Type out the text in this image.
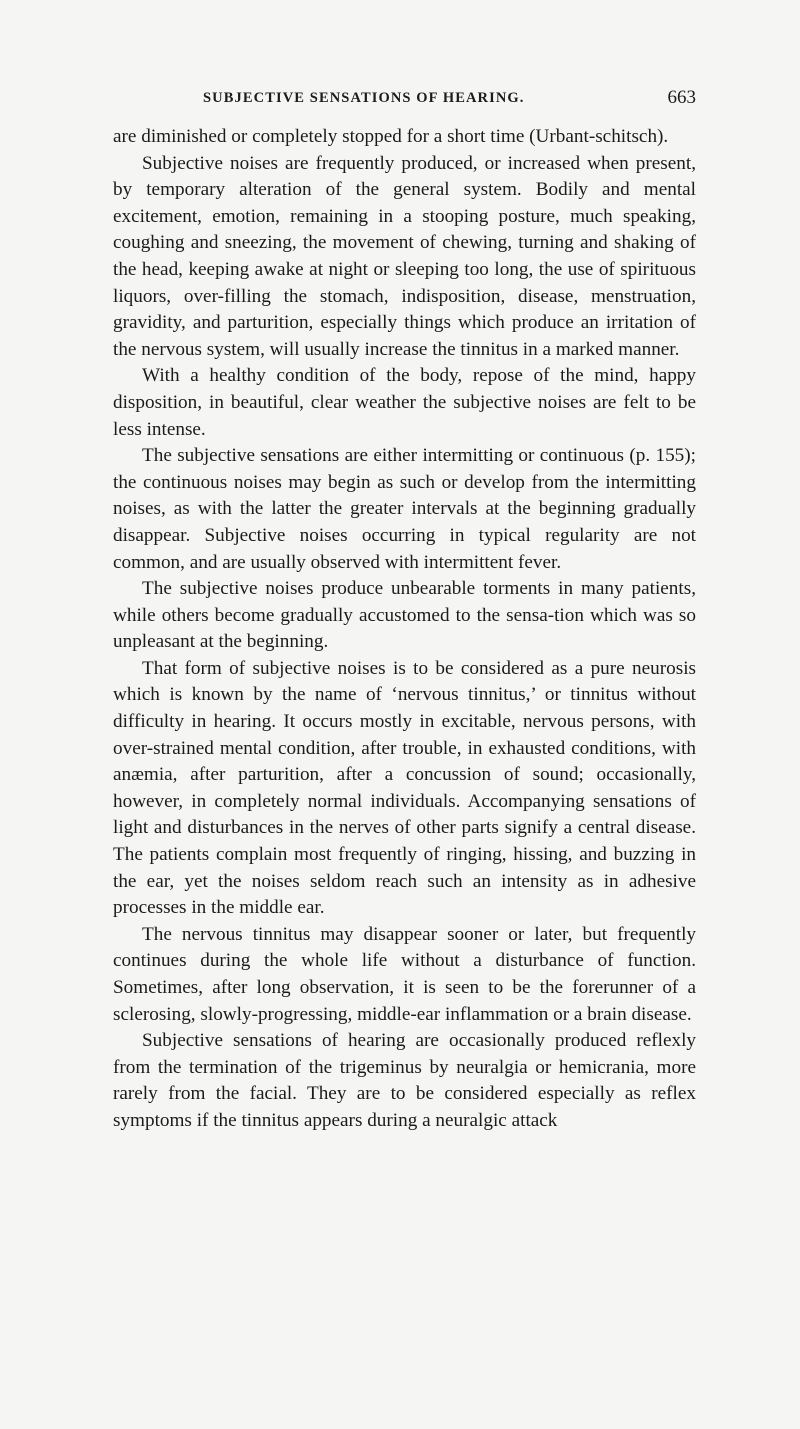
SUBJECTIVE SENSATIONS OF HEARING.	663

are diminished or completely stopped for a short time (Urbant-schitsch).

Subjective noises are frequently produced, or increased when present, by temporary alteration of the general system. Bodily and mental excitement, emotion, remaining in a stooping posture, much speaking, coughing and sneezing, the movement of chewing, turning and shaking of the head, keeping awake at night or sleeping too long, the use of spirituous liquors, over-filling the stomach, indisposition, disease, menstruation, gravidity, and parturition, especially things which produce an irritation of the nervous system, will usually increase the tinnitus in a marked manner.

With a healthy condition of the body, repose of the mind, happy disposition, in beautiful, clear weather the subjective noises are felt to be less intense.

The subjective sensations are either intermitting or continuous (p. 155); the continuous noises may begin as such or develop from the intermitting noises, as with the latter the greater intervals at the beginning gradually disappear. Subjective noises occurring in typical regularity are not common, and are usually observed with intermittent fever.

The subjective noises produce unbearable torments in many patients, while others become gradually accustomed to the sensa-tion which was so unpleasant at the beginning.

That form of subjective noises is to be considered as a pure neurosis which is known by the name of ‘nervous tinnitus,’ or tinnitus without difficulty in hearing. It occurs mostly in excitable, nervous persons, with over-strained mental condition, after trouble, in exhausted conditions, with anæmia, after parturition, after a concussion of sound; occasionally, however, in completely normal individuals. Accompanying sensations of light and disturbances in the nerves of other parts signify a central disease. The patients complain most frequently of ringing, hissing, and buzzing in the ear, yet the noises seldom reach such an intensity as in adhesive processes in the middle ear.

The nervous tinnitus may disappear sooner or later, but frequently continues during the whole life without a disturbance of function. Sometimes, after long observation, it is seen to be the forerunner of a sclerosing, slowly-progressing, middle-ear inflammation or a brain disease.

Subjective sensations of hearing are occasionally produced reflexly from the termination of the trigeminus by neuralgia or hemicrania, more rarely from the facial. They are to be considered especially as reflex symptoms if the tinnitus appears during a neuralgic attack
